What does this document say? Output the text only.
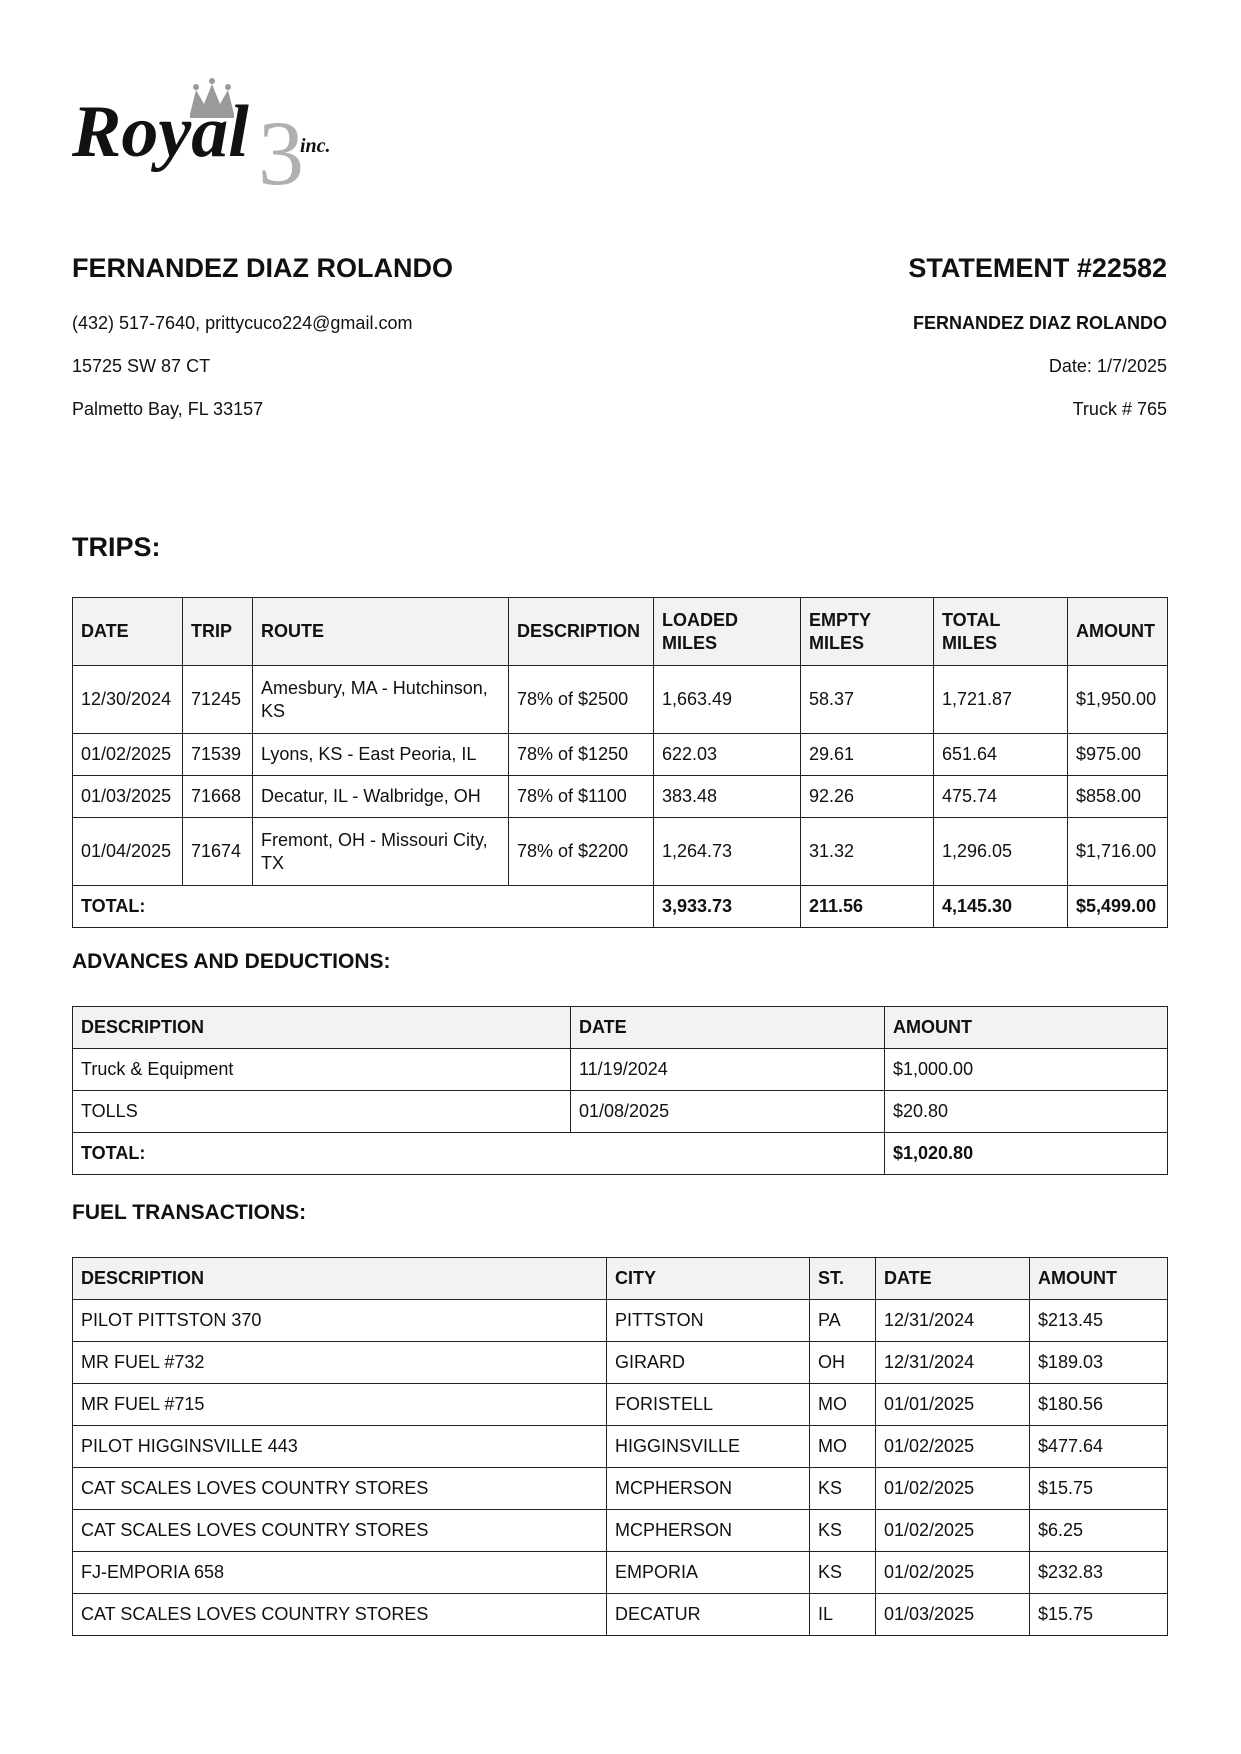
3
Royal	inc.

FERNANDEZ DIAZ ROLANDO

(432) 517-7640, prittycuco224@gmail.com

15725 SW 87 CT

Palmetto Bay, FL 33157

STATEMENT #22582

FERNANDEZ DIAZ ROLANDO

Date: 1/7/2025

Truck # 765

TRIPS:
DATE	TRIP	ROUTE	DESCRIPTION	LOADED MILES	EMPTY MILES	TOTAL MILES	AMOUNT
12/30/2024	71245	Amesbury, MA - Hutchinson, KS	78% of $2500	1,663.49	58.37	1,721.87	$1,950.00
01/02/2025	71539	Lyons, KS - East Peoria, IL	78% of $1250	622.03	29.61	651.64	$975.00
01/03/2025	71668	Decatur, IL - Walbridge, OH	78% of $1100	383.48	92.26	475.74	$858.00
01/04/2025	71674	Fremont, OH - Missouri City, TX	78% of $2200	1,264.73	31.32	1,296.05	$1,716.00
TOTAL:				3,933.73	211.56	4,145.30	$5,499.00
ADVANCES AND DEDUCTIONS:
DESCRIPTION	DATE	AMOUNT
Truck & Equipment	11/19/2024	$1,000.00
TOLLS	01/08/2025	$20.80
TOTAL:		$1,020.80
FUEL TRANSACTIONS:
DESCRIPTION	CITY	ST.	DATE	AMOUNT
PILOT PITTSTON 370	PITTSTON	PA	12/31/2024	$213.45
MR FUEL #732	GIRARD	OH	12/31/2024	$189.03
MR FUEL #715	FORISTELL	MO	01/01/2025	$180.56
PILOT HIGGINSVILLE 443	HIGGINSVILLE	MO	01/02/2025	$477.64
CAT SCALES LOVES COUNTRY STORES	MCPHERSON	KS	01/02/2025	$15.75
CAT SCALES LOVES COUNTRY STORES	MCPHERSON	KS	01/02/2025	$6.25
FJ-EMPORIA 658	EMPORIA	KS	01/02/2025	$232.83
CAT SCALES LOVES COUNTRY STORES	DECATUR	IL	01/03/2025	$15.75
